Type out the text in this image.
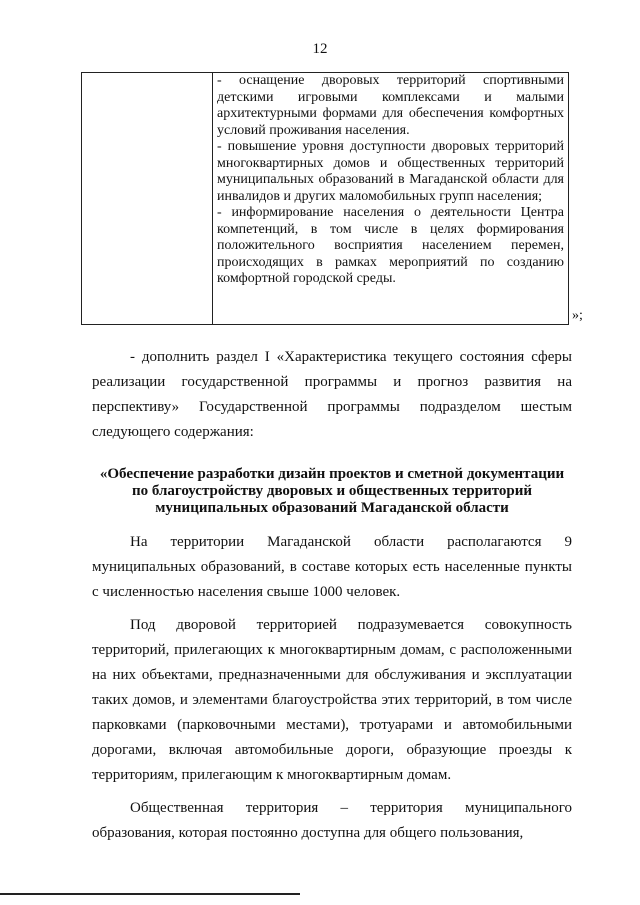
12

- оснащение дворовых территорий спортивными детскими игровыми комплексами и малыми архитектурными формами для обеспечения комфортных условий проживания населения.

- повышение уровня доступности дворовых территорий многоквартирных домов и общественных территорий муниципальных образований в Магаданской области для инвалидов и других маломобильных групп населения;

- информирование населения о деятельности Центра компетенций, в том числе в целях формирования положительного восприятия населением перемен, происходящих в рамках мероприятий по созданию комфортной городской среды.

»;

- дополнить раздел I «Характеристика текущего состояния сферы реализации государственной программы и прогноз развития на перспективу» Государственной программы подразделом шестым следующего содержания:

«Обеспечение разработки дизайн проектов и сметной документации по благоустройству дворовых и общественных территорий муниципальных образований Магаданской области

На территории Магаданской области располагаются 9 муниципальных образований, в составе которых есть населенные пункты с численностью населения свыше 1000 человек.

Под дворовой территорией подразумевается совокупность территорий, прилегающих к многоквартирным домам, с расположенными на них объектами, предназначенными для обслуживания и эксплуатации таких домов, и элементами благоустройства этих территорий, в том числе парковками (парковочными местами), тротуарами и автомобильными дорогами, включая автомобильные дороги, образующие проезды к территориям, прилегающим к многоквартирным домам.

Общественная территория – территория муниципального образования, которая постоянно доступна для общего пользования,
